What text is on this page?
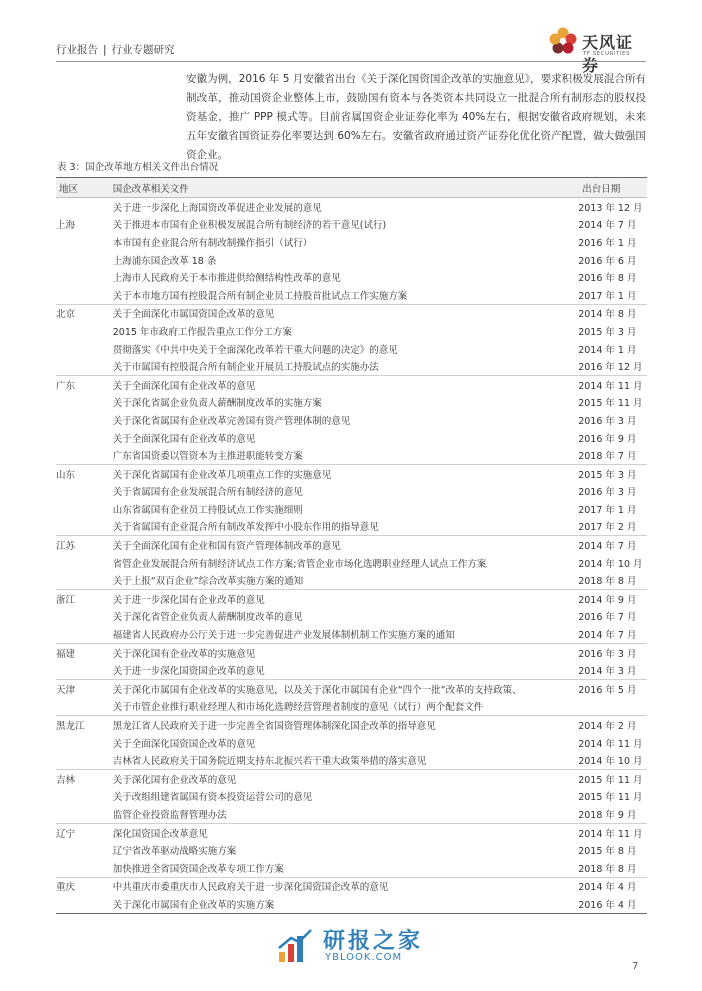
行业报告 | 行业专题研究	天风证券
TF SECURITIES
安徽为例，2016 年 5 月安徽省出台《关于深化国资国企改革的实施意见》，要求积极发展混合所有制改革，推动国资企业整体上市，鼓励国有资本与各类资本共同设立一批混合所有制形态的股权投资基金，推广 PPP 模式等。目前省属国资企业证券化率为 40%左右，根据安徽省政府规划，未来五年安徽省国资证券化率要达到 60%左右。安徽省政府通过资产证券化优化资产配置，做大做强国资企业。
表 3：国企改革地方相关文件出台情况
地区	国企改革相关文件	出台日期
	关于进一步深化上海国资改革促进企业发展的意见	2013 年 12 月
上海	关于推进本市国有企业积极发展混合所有制经济的若干意见(试行)	2014 年 7 月
	本市国有企业混合所有制改制操作指引（试行）	2016 年 1 月
	上海浦东国企改革 18 条	2016 年 6 月
	上海市人民政府关于本市推进供给侧结构性改革的意见	2016 年 8 月
	关于本市地方国有控股混合所有制企业员工持股首批试点工作实施方案	2017 年 1 月
北京	关于全面深化市属国资国企改革的意见	2014 年 8 月
	2015 年市政府工作报告重点工作分工方案	2015 年 3 月
	贯彻落实《中共中央关于全面深化改革若干重大问题的决定》的意见	2014 年 1 月
	关于市属国有控股混合所有制企业开展员工持股试点的实施办法	2016 年 12 月
广东	关于全面深化国有企业改革的意见	2014 年 11 月
	关于深化省属企业负责人薪酬制度改革的实施方案	2015 年 11 月
	关于深化省属国有企业改革完善国有资产管理体制的意见	2016 年 3 月
	关于全面深化国有企业改革的意见	2016 年 9 月
	广东省国资委以管资本为主推进职能转变方案	2018 年 7 月
山东	关于深化省属国有企业改革几项重点工作的实施意见	2015 年 3 月
	关于省属国有企业发展混合所有制经济的意见	2016 年 3 月
	山东省属国有企业员工持股试点工作实施细则	2017 年 1 月
	关于省属国有企业混合所有制改革发挥中小股东作用的指导意见	2017 年 2 月
江苏	关于全面深化国有企业和国有资产管理体制改革的意见	2014 年 7 月
	省管企业发展混合所有制经济试点工作方案;省管企业市场化选聘职业经理人试点工作方案	2014 年 10 月
	关于上报“双百企业”综合改革实施方案的通知	2018 年 8 月
浙江	关于进一步深化国有企业改革的意见	2014 年 9 月
	关于深化省管企业负责人薪酬制度改革的意见	2016 年 7 月
	福建省人民政府办公厅关于进一步完善促进产业发展体制机制工作实施方案的通知	2014 年 7 月
福建	关于深化国有企业改革的实施意见	2016 年 3 月
	关于进一步深化国资国企改革的意见	2014 年 3 月
天津	关于深化市属国有企业改革的实施意见，以及关于深化市属国有企业“四个一批”改革的支持政策、	2016 年 5 月
	关于市管企业推行职业经理人和市场化选聘经营管理者制度的意见（试行）两个配套文件	
黑龙江	黑龙江省人民政府关于进一步完善全省国资管理体制深化国企改革的指导意见	2014 年 2 月
	关于全面深化国资国企改革的意见	2014 年 11 月
	吉林省人民政府关于国务院近期支持东北振兴若干重大政策举措的落实意见	2014 年 10 月
吉林	关于深化国有企业改革的意见	2015 年 11 月
	关于改组组建省属国有资本投资运营公司的意见	2015 年 11 月
	监管企业投资监督管理办法	2018 年 9 月
辽宁	深化国资国企改革意见	2014 年 11 月
	辽宁省改革驱动战略实施方案	2015 年 8 月
	加快推进全省国资国企改革专项工作方案	2018 年 8 月
重庆	中共重庆市委重庆市人民政府关于进一步深化国资国企改革的意见	2014 年 4 月
	关于深化市属国有企业改革的实施方案	2016 年 4 月
研报之家
YBLOOK.COM
7
